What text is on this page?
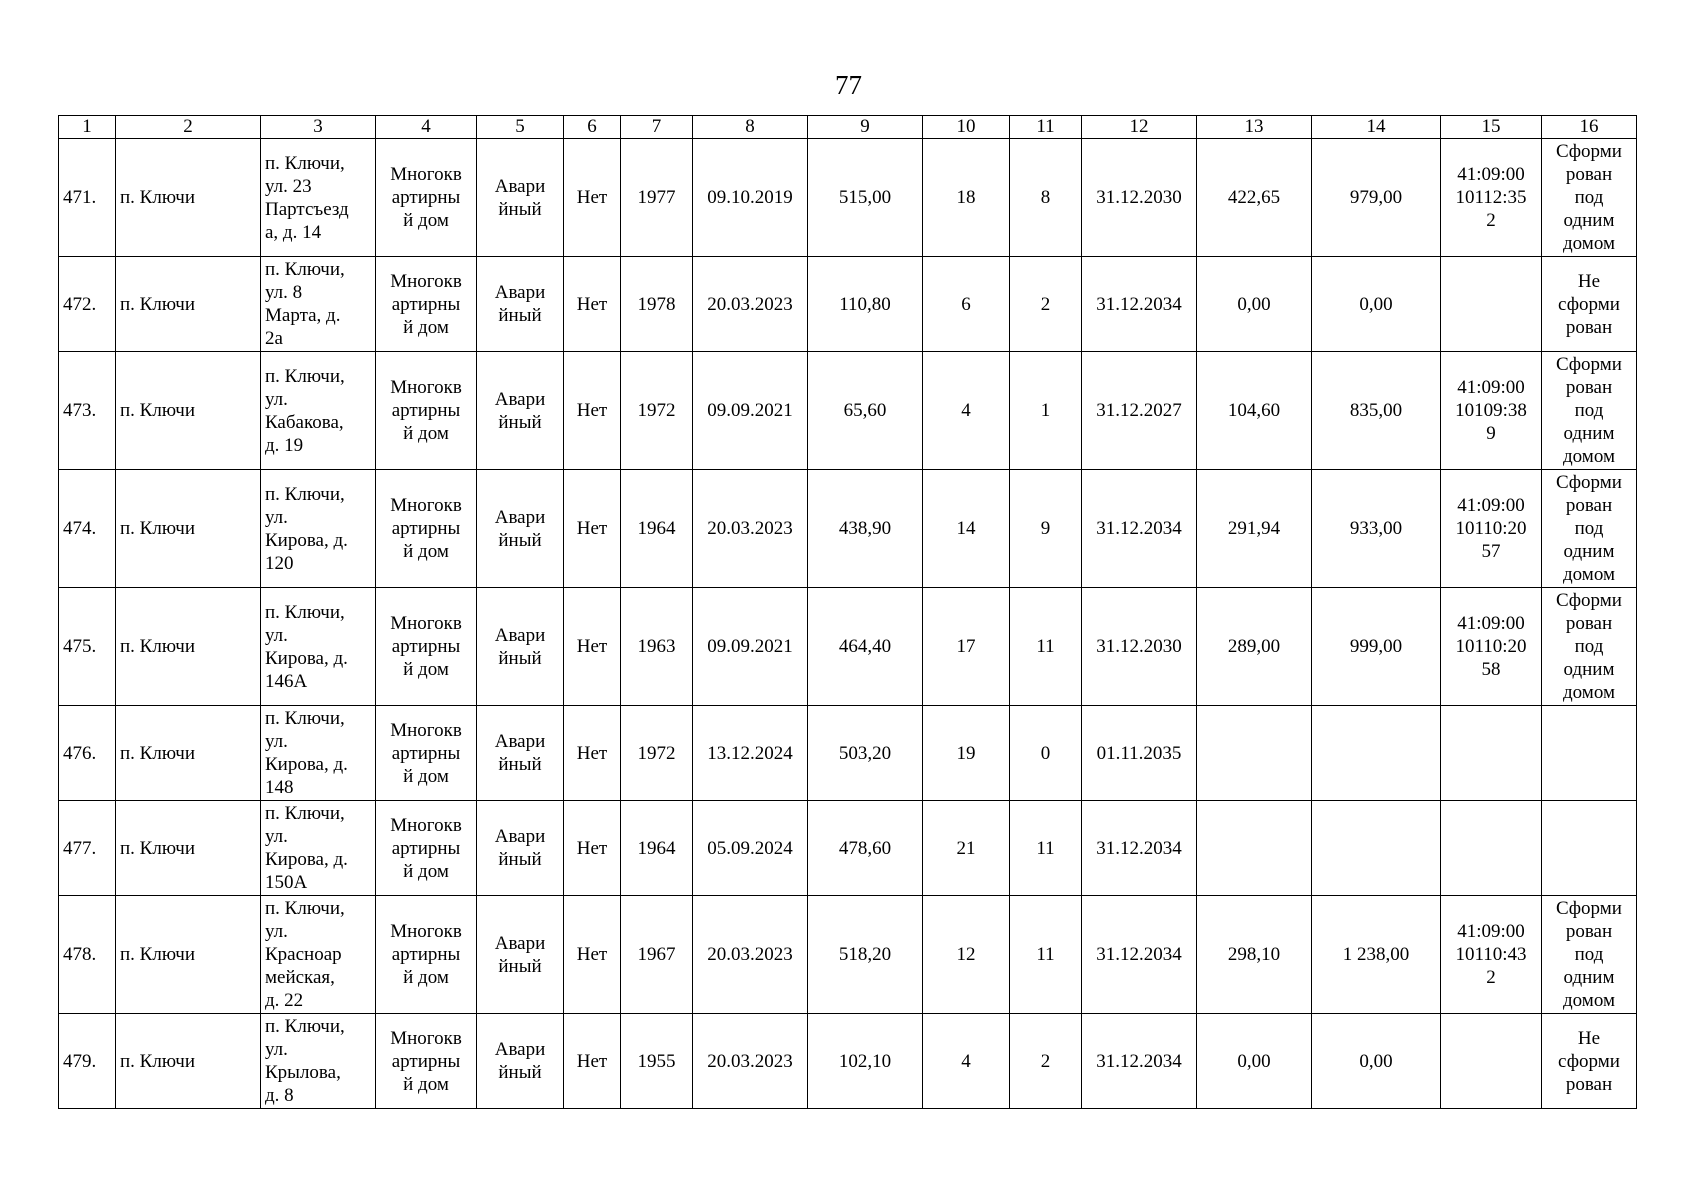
77
1	2	3	4	5	6	7	8	9	10	11	12	13	14	15	16
471.	п. Ключи	п. Ключи,
ул. 23
Партсъезд
а, д. 14	Многокв
артирны
й дом	Авари
йный	Нет	1977	09.10.2019	515,00	18	8	31.12.2030	422,65	979,00	41:09:00
10112:35
2	Сформи
рован
под
одним
домом

472.	п. Ключи	п. Ключи,
ул. 8
Марта, д.
2а	Многокв
артирны
й дом	Авари
йный	Нет	1978	20.03.2023	110,80	6	2	31.12.2034	0,00	0,00		Не
сформи
рован

473.	п. Ключи	п. Ключи,
ул.
Кабакова,
д. 19	Многокв
артирны
й дом	Авари
йный	Нет	1972	09.09.2021	65,60	4	1	31.12.2027	104,60	835,00	41:09:00
10109:38
9	Сформи
рован
под
одним
домом

474.	п. Ключи	п. Ключи,
ул.
Кирова, д.
120	Многокв
артирны
й дом	Авари
йный	Нет	1964	20.03.2023	438,90	14	9	31.12.2034	291,94	933,00	41:09:00
10110:20
57	Сформи
рован
под
одним
домом

475.	п. Ключи	п. Ключи,
ул.
Кирова, д.
146А	Многокв
артирны
й дом	Авари
йный	Нет	1963	09.09.2021	464,40	17	11	31.12.2030	289,00	999,00	41:09:00
10110:20
58	Сформи
рован
под
одним
домом

476.	п. Ключи	п. Ключи,
ул.
Кирова, д.
148	Многокв
артирны
й дом	Авари
йный	Нет	1972	13.12.2024	503,20	19	0	01.11.2035				
477.	п. Ключи	п. Ключи,
ул.
Кирова, д.
150А	Многокв
артирны
й дом	Авари
йный	Нет	1964	05.09.2024	478,60	21	11	31.12.2034				
478.	п. Ключи	п. Ключи,
ул.
Красноар
мейская,
д. 22	Многокв
артирны
й дом	Авари
йный	Нет	1967	20.03.2023	518,20	12	11	31.12.2034	298,10	1 238,00	41:09:00
10110:43
2	Сформи
рован
под
одним
домом

479.	п. Ключи	п. Ключи,
ул.
Крылова,
д. 8	Многокв
артирны
й дом	Авари
йный	Нет	1955	20.03.2023	102,10	4	2	31.12.2034	0,00	0,00		Не
сформи
рован
